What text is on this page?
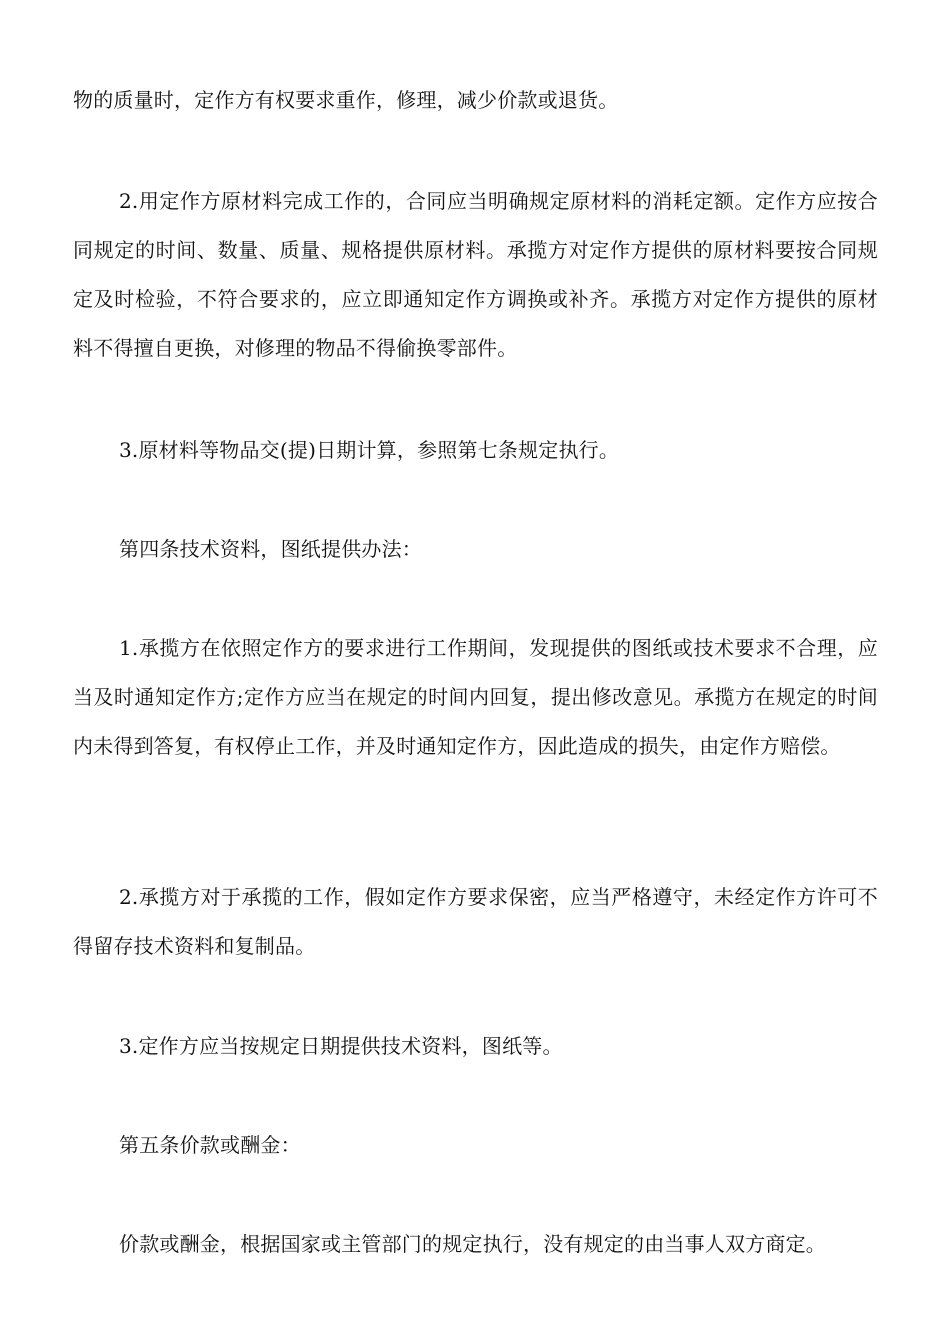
物的质量时，定作方有权要求重作，修理，减少价款或退货。

2.用定作方原材料完成工作的，合同应当明确规定原材料的消耗定额。定作方应按合同规定的时间、数量、质量、规格提供原材料。承揽方对定作方提供的原材料要按合同规定及时检验，不符合要求的，应立即通知定作方调换或补齐。承揽方对定作方提供的原材料不得擅自更换，对修理的物品不得偷换零部件。

3.原材料等物品交(提)日期计算，参照第七条规定执行。

第四条技术资料，图纸提供办法：

1.承揽方在依照定作方的要求进行工作期间，发现提供的图纸或技术要求不合理，应当及时通知定作方;定作方应当在规定的时间内回复，提出修改意见。承揽方在规定的时间内未得到答复，有权停止工作，并及时通知定作方，因此造成的损失，由定作方赔偿。

2.承揽方对于承揽的工作，假如定作方要求保密，应当严格遵守，未经定作方许可不得留存技术资料和复制品。

3.定作方应当按规定日期提供技术资料，图纸等。

第五条价款或酬金：

价款或酬金，根据国家或主管部门的规定执行，没有规定的由当事人双方商定。
